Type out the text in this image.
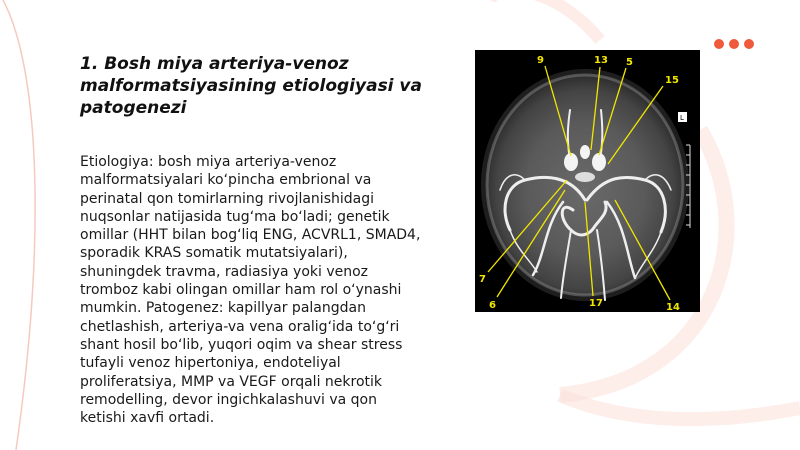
1. Bosh miya arteriya-venoz malformatsiyasining etiologiyasi va patogenezi

Etiologiya: bosh miya arteriya-venoz malformatsiyalari koʻpincha embrional va perinatal qon tomirlarning rivojlanishidagi nuqsonlar natijasida tugʻma boʻladi; genetik omillar (HHT bilan bogʻliq ENG, ACVRL1, SMAD4, sporadik KRAS somatik mutatsiyalari), shuningdek travma, radiasiya yoki venoz tromboz kabi olingan omillar ham rol oʻynashi mumkin. Patogenez: kapillyar palangdan chetlashish, arteriya-va vena oraligʻida toʻgʻri shant hosil boʻlib, yuqori oqim va shear stress tufayli venoz hipertoniya, endoteliyal proliferatsiya, MMP va VEGF orqali nekrotik remodelling, devor ingichkalashuvi va qon ketishi xavfi ortadi.

L
9	13 5
15
7
6	17	14
